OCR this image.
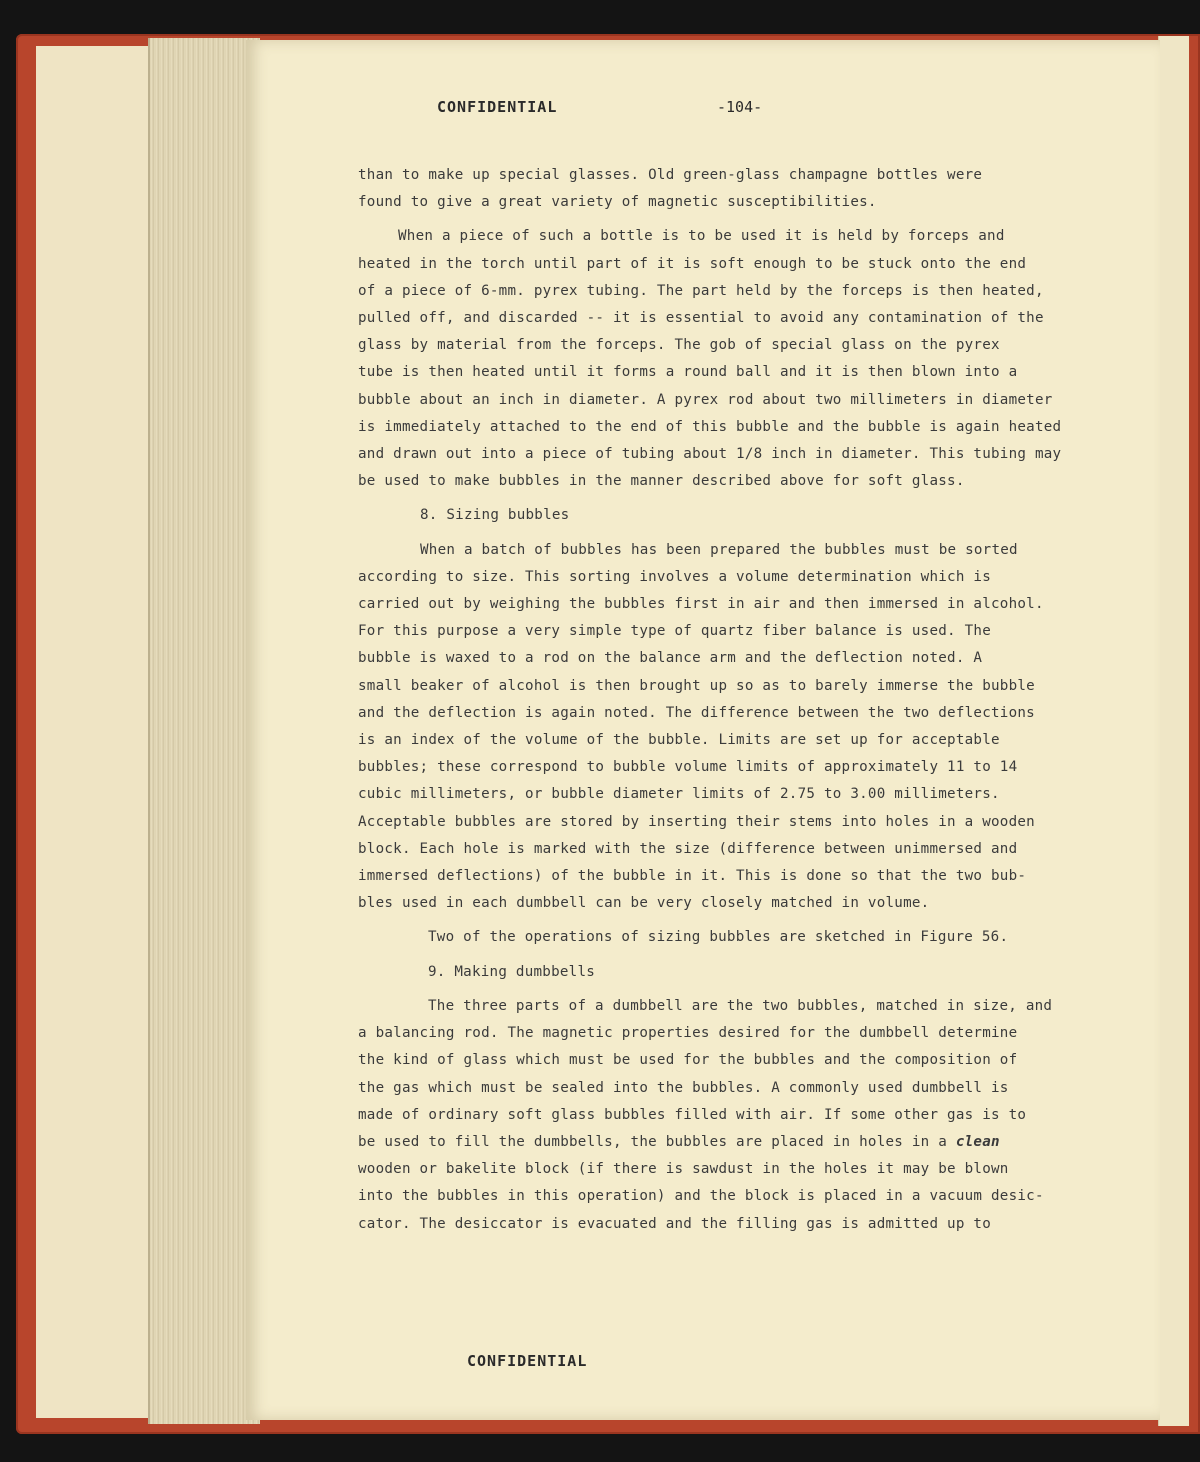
CONFIDENTIAL	-104-
than to make up special glasses. Old green-glass champagne bottles were
found to give a great variety of magnetic susceptibilities.
When a piece of such a bottle is to be used it is held by forceps and
heated in the torch until part of it is soft enough to be stuck onto the end
of a piece of 6-mm. pyrex tubing. The part held by the forceps is then heated,
pulled off, and discarded -- it is essential to avoid any contamination of the
glass by material from the forceps. The gob of special glass on the pyrex
tube is then heated until it forms a round ball and it is then blown into a
bubble about an inch in diameter. A pyrex rod about two millimeters in diameter
is immediately attached to the end of this bubble and the bubble is again heated
and drawn out into a piece of tubing about 1/8 inch in diameter. This tubing may
be used to make bubbles in the manner described above for soft glass.
8. Sizing bubbles
When a batch of bubbles has been prepared the bubbles must be sorted
according to size. This sorting involves a volume determination which is
carried out by weighing the bubbles first in air and then immersed in alcohol.
For this purpose a very simple type of quartz fiber balance is used. The
bubble is waxed to a rod on the balance arm and the deflection noted. A
small beaker of alcohol is then brought up so as to barely immerse the bubble
and the deflection is again noted. The difference between the two deflections
is an index of the volume of the bubble. Limits are set up for acceptable
bubbles; these correspond to bubble volume limits of approximately 11 to 14
cubic millimeters, or bubble diameter limits of 2.75 to 3.00 millimeters.
Acceptable bubbles are stored by inserting their stems into holes in a wooden
block. Each hole is marked with the size (difference between unimmersed and
immersed deflections) of the bubble in it. This is done so that the two bub-
bles used in each dumbbell can be very closely matched in volume.
Two of the operations of sizing bubbles are sketched in Figure 56.
9. Making dumbbells
The three parts of a dumbbell are the two bubbles, matched in size, and
a balancing rod. The magnetic properties desired for the dumbbell determine
the kind of glass which must be used for the bubbles and the composition of
the gas which must be sealed into the bubbles. A commonly used dumbbell is
made of ordinary soft glass bubbles filled with air. If some other gas is to
be used to fill the dumbbells, the bubbles are placed in holes in a clean
wooden or bakelite block (if there is sawdust in the holes it may be blown
into the bubbles in this operation) and the block is placed in a vacuum desic-
cator. The desiccator is evacuated and the filling gas is admitted up to
CONFIDENTIAL
